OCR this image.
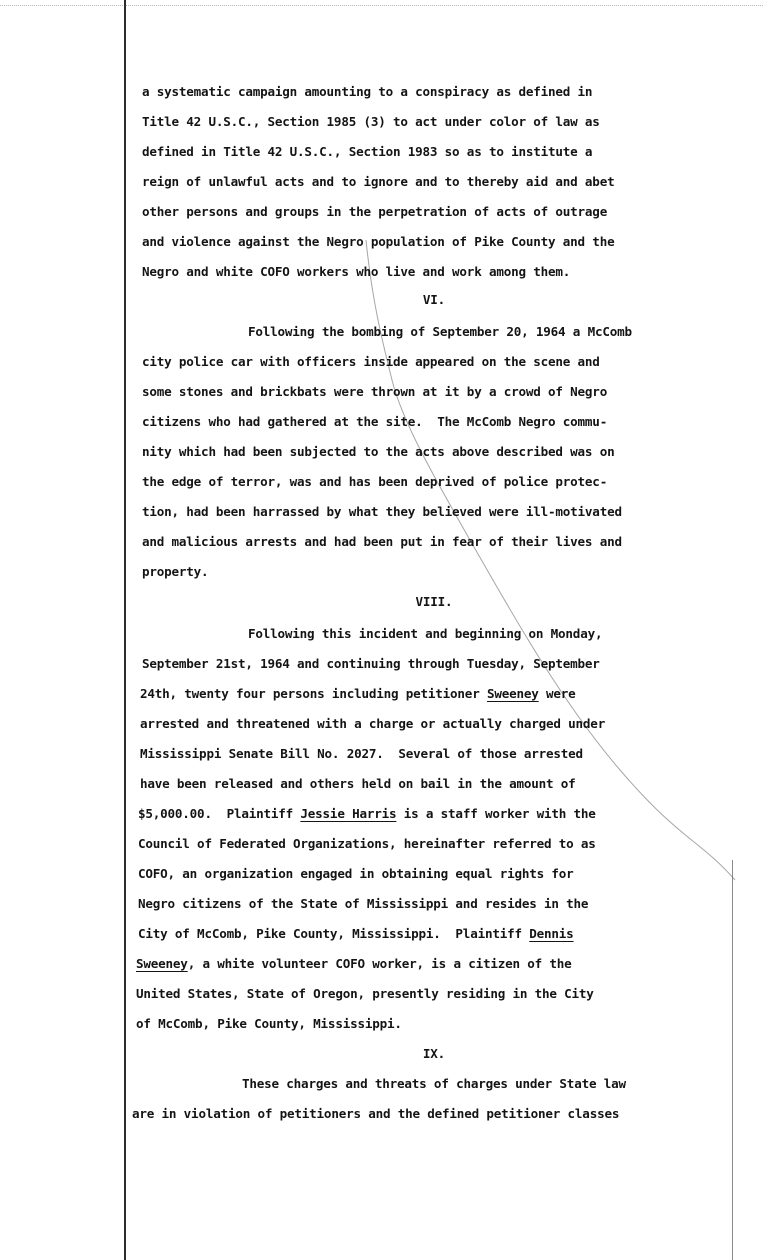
a systematic campaign amounting to a conspiracy as defined in
Title 42 U.S.C., Section 1985 (3) to act under color of law as
defined in Title 42 U.S.C., Section 1983 so as to institute a
reign of unlawful acts and to ignore and to thereby aid and abet
other persons and groups in the perpetration of acts of outrage
and violence against the Negro population of Pike County and the
Negro and white COFO workers who live and work among them.
VI.
Following the bombing of September 20, 1964 a McComb
city police car with officers inside appeared on the scene and
some stones and brickbats were thrown at it by a crowd of Negro
citizens who had gathered at the site.  The McComb Negro commu-
nity which had been subjected to the acts above described was on
the edge of terror, was and has been deprived of police protec-
tion, had been harrassed by what they believed were ill-motivated
and malicious arrests and had been put in fear of their lives and
property.
VIII.
Following this incident and beginning on Monday,
September 21st, 1964 and continuing through Tuesday, September
24th, twenty four persons including petitioner Sweeney were
arrested and threatened with a charge or actually charged under
Mississippi Senate Bill No. 2027.  Several of those arrested
have been released and others held on bail in the amount of
$5,000.00.  Plaintiff Jessie Harris is a staff worker with the
Council of Federated Organizations, hereinafter referred to as
COFO, an organization engaged in obtaining equal rights for
Negro citizens of the State of Mississippi and resides in the
City of McComb, Pike County, Mississippi.  Plaintiff Dennis
Sweeney, a white volunteer COFO worker, is a citizen of the
United States, State of Oregon, presently residing in the City
of McComb, Pike County, Mississippi.
IX.
These charges and threats of charges under State law
are in violation of petitioners and the defined petitioner classes
